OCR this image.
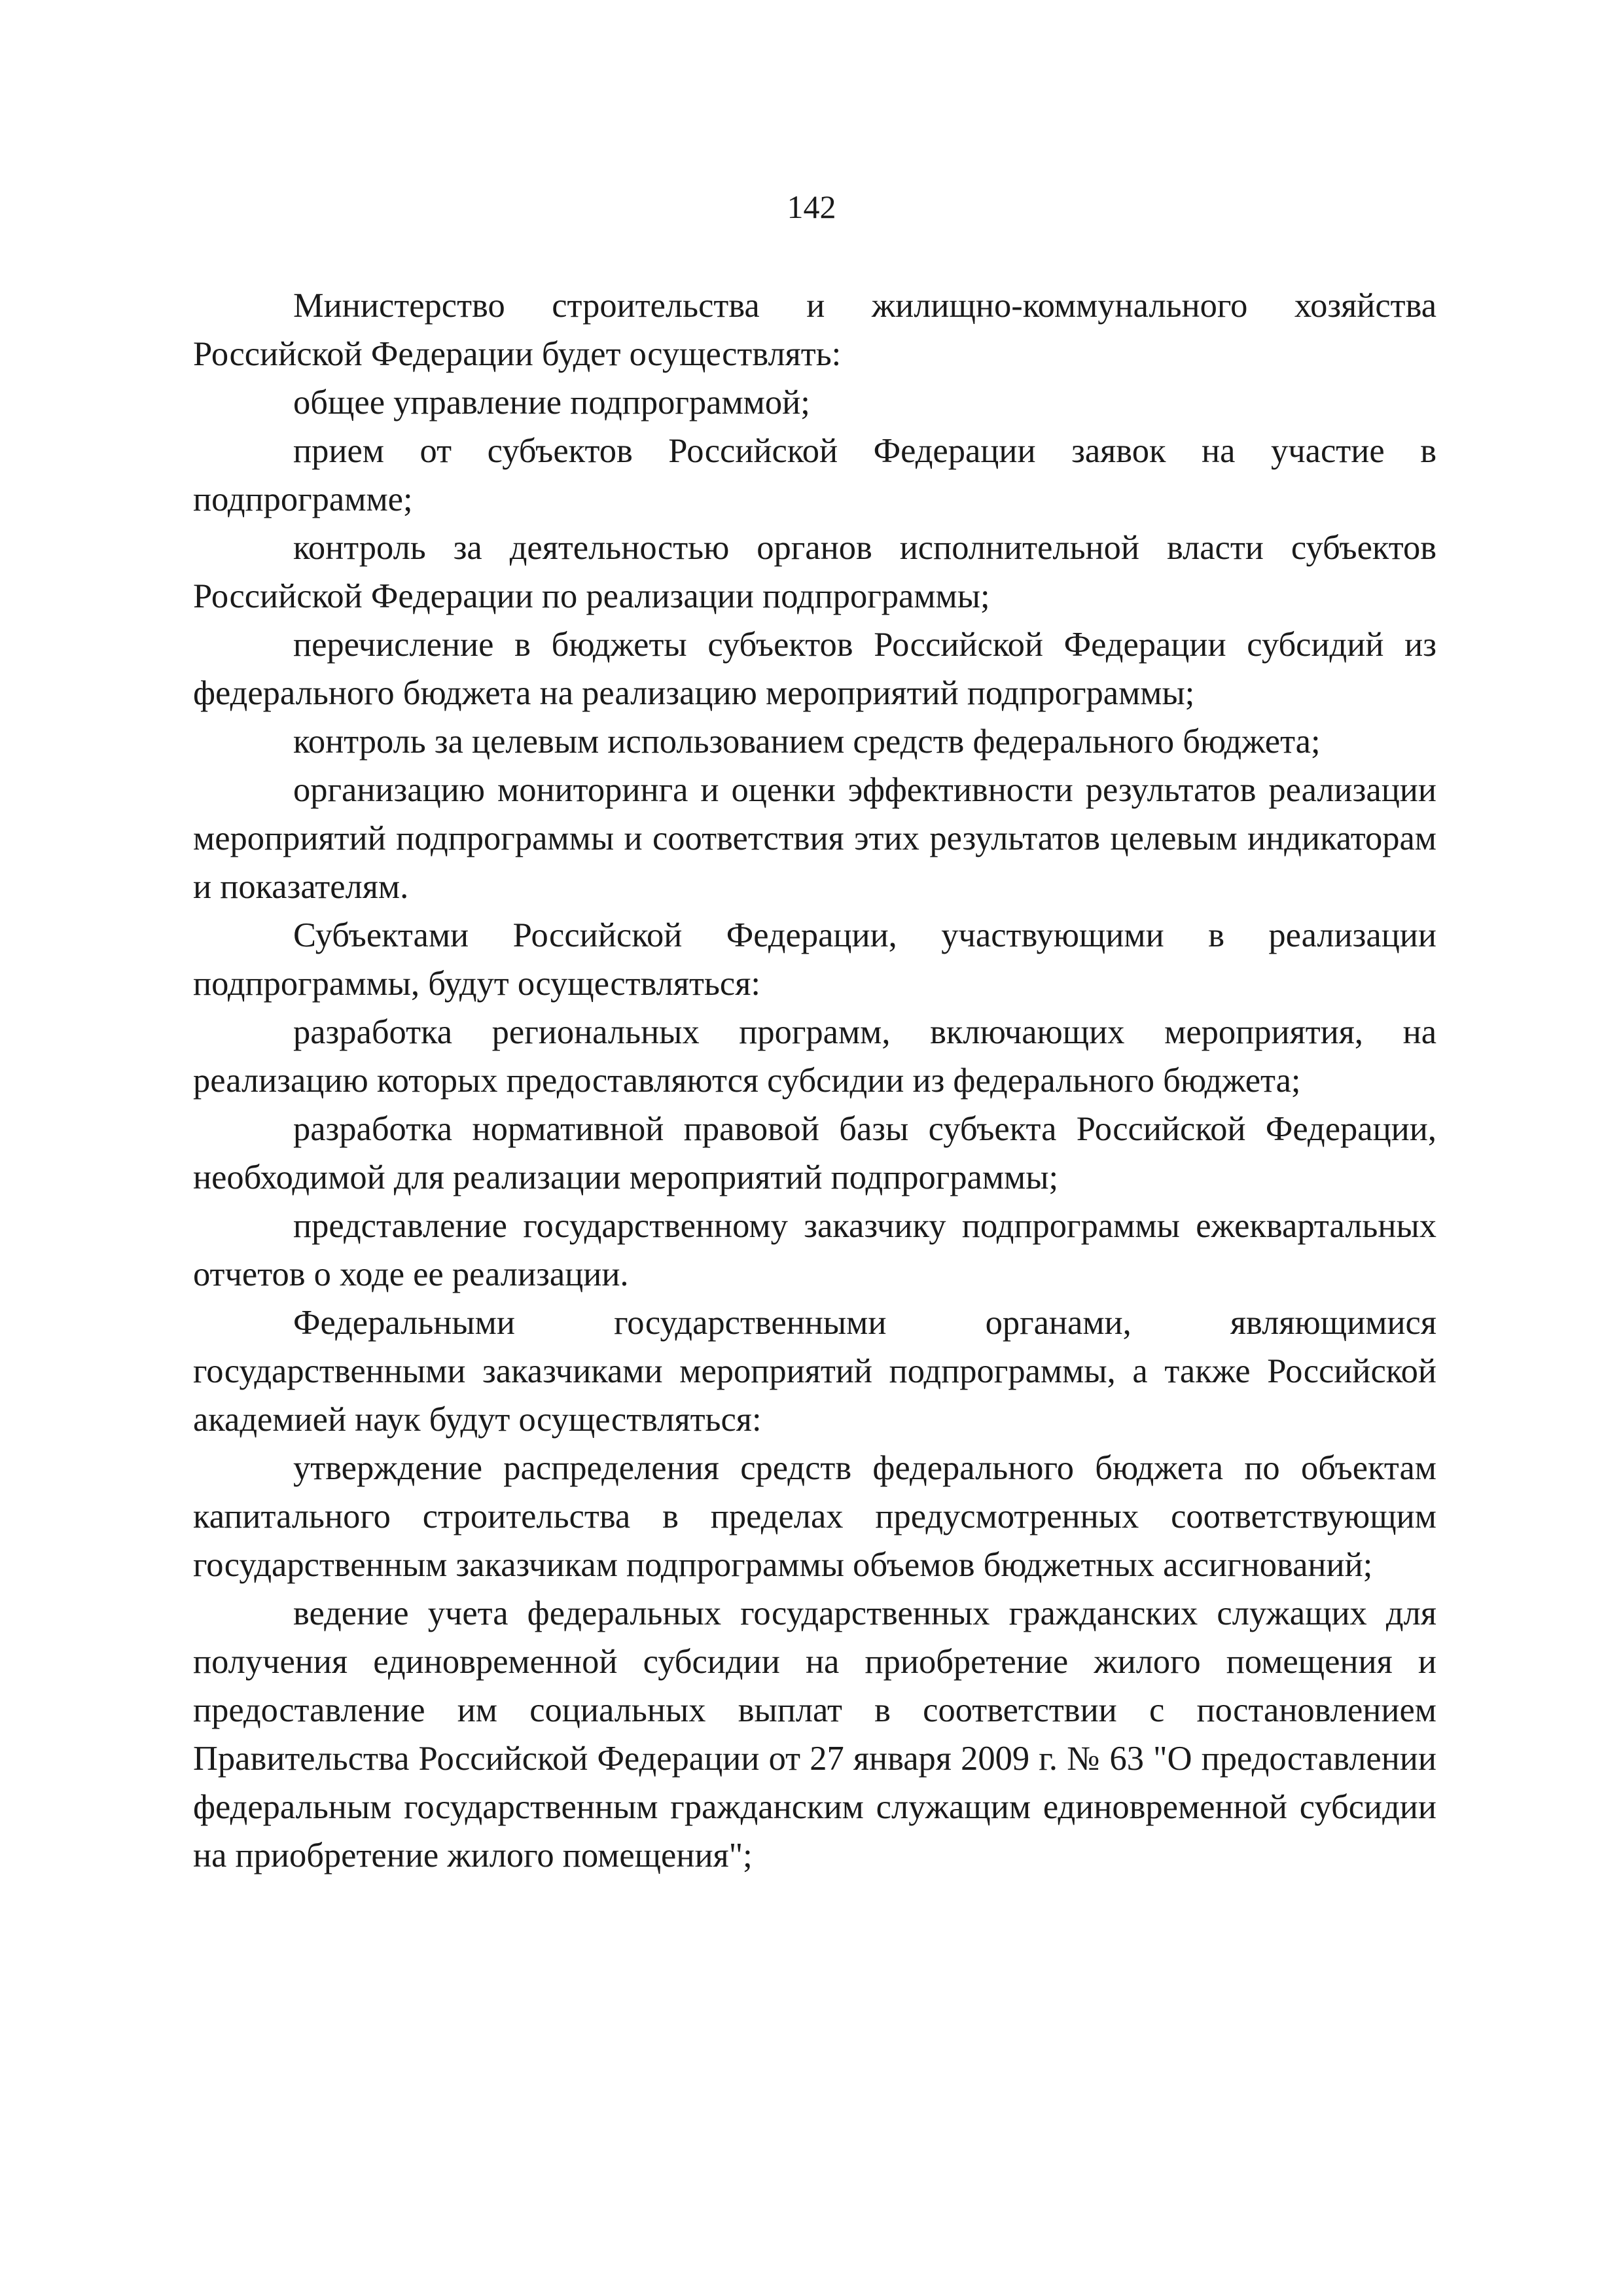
142

Министерство строительства и жилищно-коммунального хозяйства Российской Федерации будет осуществлять:

общее управление подпрограммой;

прием от субъектов Российской Федерации заявок на участие в подпрограмме;

контроль за деятельностью органов исполнительной власти субъектов Российской Федерации по реализации подпрограммы;

перечисление в бюджеты субъектов Российской Федерации субсидий из федерального бюджета на реализацию мероприятий подпрограммы;

контроль за целевым использованием средств федерального бюджета;

организацию мониторинга и оценки эффективности результатов реализации мероприятий подпрограммы и соответствия этих результатов целевым индикаторам и показателям.

Субъектами Российской Федерации, участвующими в реализации подпрограммы, будут осуществляться:

разработка региональных программ, включающих мероприятия, на реализацию которых предоставляются субсидии из федерального бюджета;

разработка нормативной правовой базы субъекта Российской Федерации, необходимой для реализации мероприятий подпрограммы;

представление государственному заказчику подпрограммы ежеквартальных отчетов о ходе ее реализации.

Федеральными государственными органами, являющимися государственными заказчиками мероприятий подпрограммы, а также Российской академией наук будут осуществляться:

утверждение распределения средств федерального бюджета по объектам капитального строительства в пределах предусмотренных соответствующим государственным заказчикам подпрограммы объемов бюджетных ассигнований;

ведение учета федеральных государственных гражданских служащих для получения единовременной субсидии на приобретение жилого помещения и предоставление им социальных выплат в соответствии с постановлением Правительства Российской Федерации от 27 января 2009 г. № 63 "О предоставлении федеральным государственным гражданским служащим единовременной субсидии на приобретение жилого помещения";
